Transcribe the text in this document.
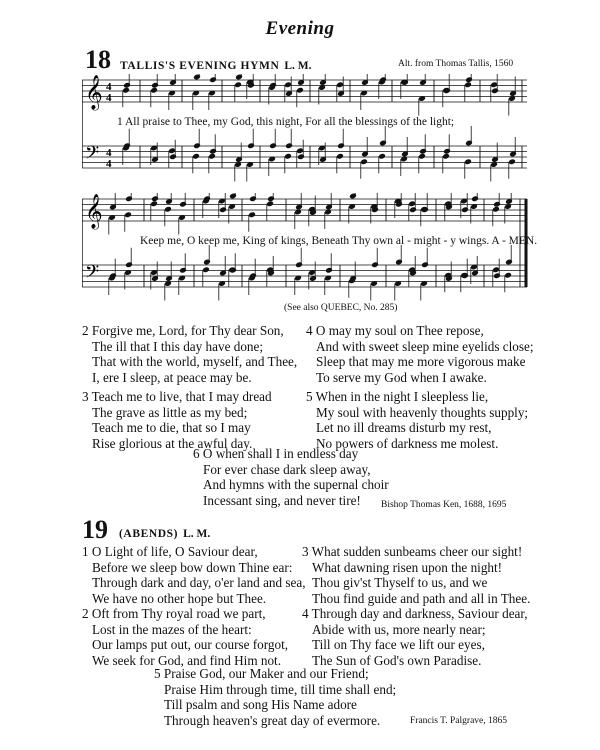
Evening
18 TALLIS'S EVENING HYMN L. M.	Alt. from Thomas Tallis, 1560
𝄞
𝄢
4
4
4
4
1 All praise to Thee, my God, this night, For all the blessings of the light;
𝄞
𝄢
Keep me, O keep me, King of kings, Beneath Thy own al - might - y wings. A - MEN.
(See also QUEBEC, No. 285)
2 Forgive me, Lord, for Thy dear Son,
The ill that I this day have done;
That with the world, myself, and Thee,
I, ere I sleep, at peace may be.
4 O may my soul on Thee repose,
And with sweet sleep mine eyelids close;
Sleep that may me more vigorous make
To serve my God when I awake.
3 Teach me to live, that I may dread
The grave as little as my bed;
Teach me to die, that so I may
Rise glorious at the awful day.
5 When in the night I sleepless lie,
My soul with heavenly thoughts supply;
Let no ill dreams disturb my rest,
No powers of darkness me molest.
6 O when shall I in endless day
For ever chase dark sleep away,
And hymns with the supernal choir
Incessant sing, and never tire!	Bishop Thomas Ken, 1688, 1695
19 (ABENDS) L. M.
1 O Light of life, O Saviour dear,
Before we sleep bow down Thine ear:
Through dark and day, o'er land and sea,
We have no other hope but Thee.
3 What sudden sunbeams cheer our sight!
What dawning risen upon the night!
Thou giv'st Thyself to us, and we
Thou find guide and path and all in Thee.
2 Oft from Thy royal road we part,
Lost in the mazes of the heart:
Our lamps put out, our course forgot,
We seek for God, and find Him not.
4 Through day and darkness, Saviour dear,
Abide with us, more nearly near;
Till on Thy face we lift our eyes,
The Sun of God's own Paradise.
5 Praise God, our Maker and our Friend;
Praise Him through time, till time shall end;
Till psalm and song His Name adore
Through heaven's great day of evermore.	Francis T. Palgrave, 1865
